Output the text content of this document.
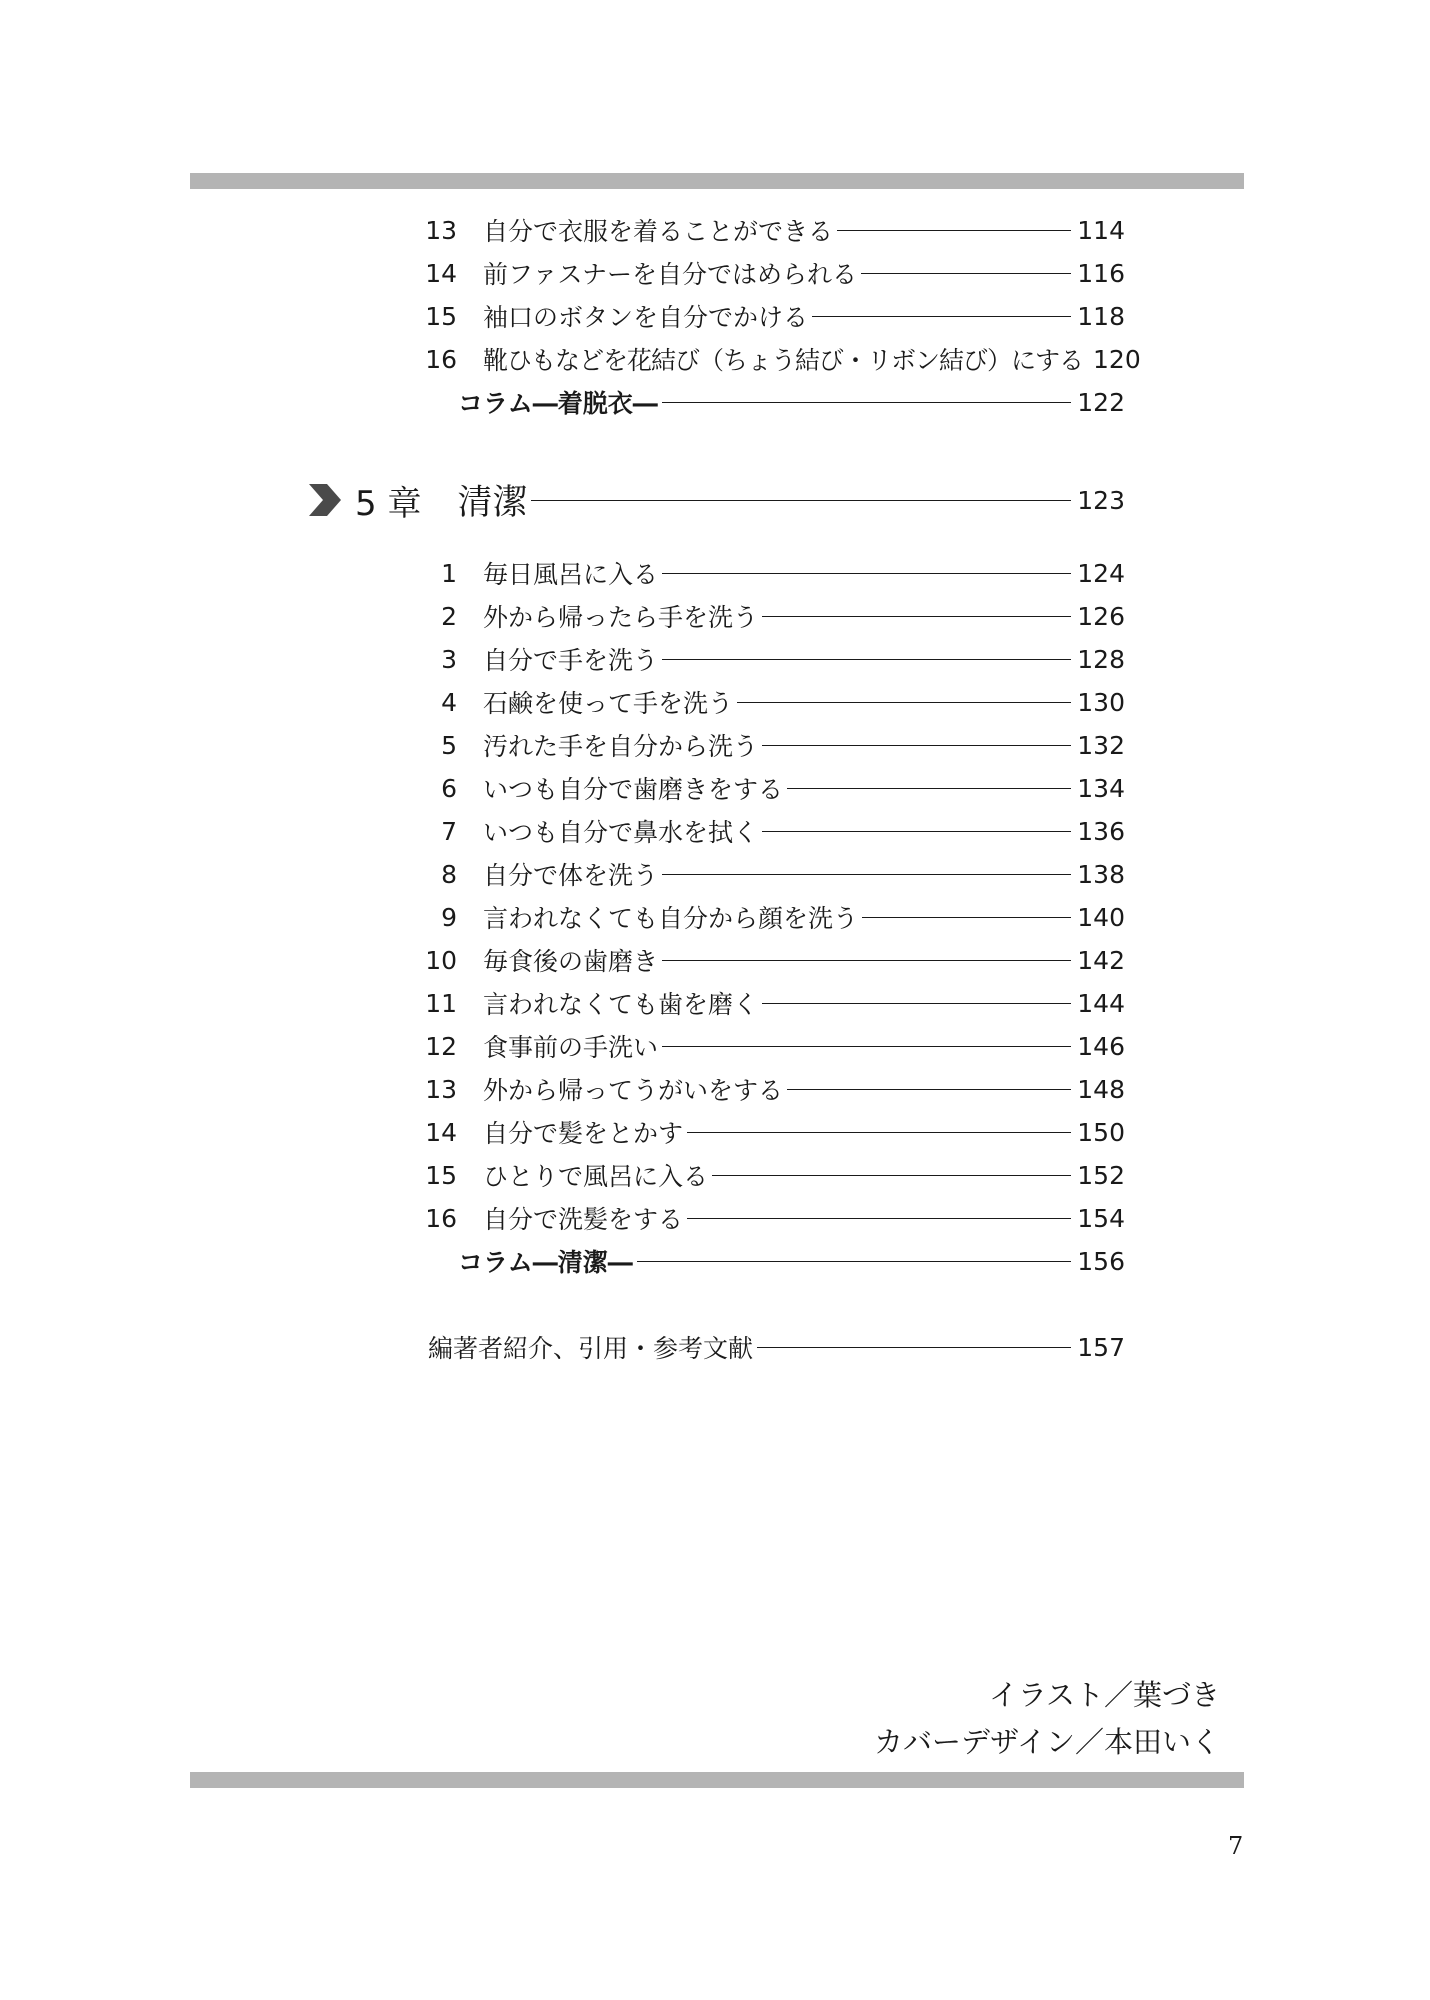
13	自分で衣服を着ることができる	114
14	前ファスナーを自分ではめられる	116
15	袖口のボタンを自分でかける	118
16	靴ひもなどを花結び（ちょう結び・リボン結び）にする 120
コラム―着脱衣―	122
5 章 清潔	123
1	毎日風呂に入る	124
2	外から帰ったら手を洗う	126
3	自分で手を洗う	128
4	石鹸を使って手を洗う	130
5	汚れた手を自分から洗う	132
6	いつも自分で歯磨きをする	134
7	いつも自分で鼻水を拭く	136
8	自分で体を洗う	138
9	言われなくても自分から顔を洗う	140
10	毎食後の歯磨き	142
11	言われなくても歯を磨く	144
12	食事前の手洗い	146
13	外から帰ってうがいをする	148
14	自分で髪をとかす	150
15	ひとりで風呂に入る	152
16	自分で洗髪をする	154
コラム―清潔―	156
編著者紹介、引用・参考文献	157
イラスト／葉づき
カバーデザイン／本田いく
7
